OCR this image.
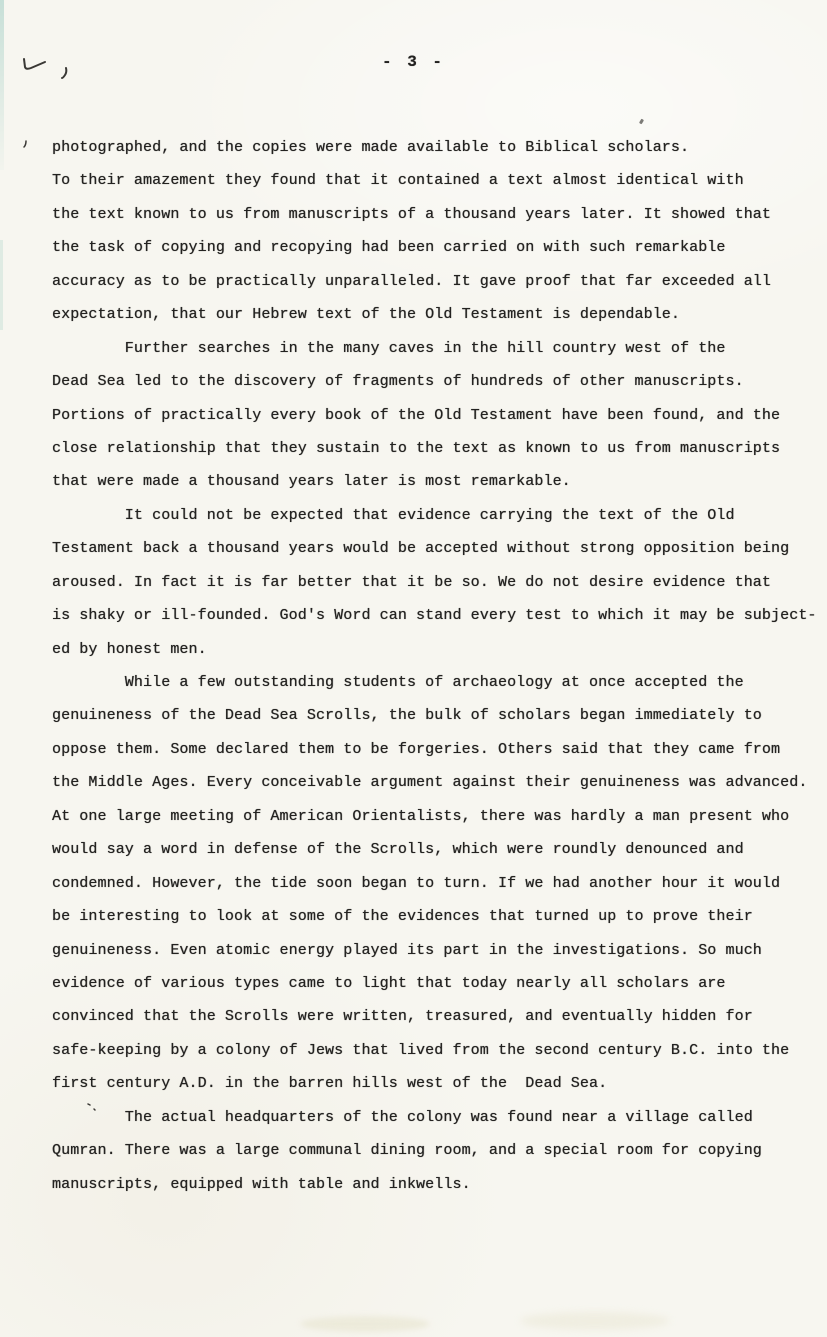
- 3 -
photographed, and the copies were made available to Biblical scholars.
To their amazement they found that it contained a text almost identical with
the text known to us from manuscripts of a thousand years later. It showed that
the task of copying and recopying had been carried on with such remarkable
accuracy as to be practically unparalleled. It gave proof that far exceeded all
expectation, that our Hebrew text of the Old Testament is dependable.
Further searches in the many caves in the hill country west of the
Dead Sea led to the discovery of fragments of hundreds of other manuscripts.
Portions of practically every book of the Old Testament have been found, and the
close relationship that they sustain to the text as known to us from manuscripts
that were made a thousand years later is most remarkable.
It could not be expected that evidence carrying the text of the Old
Testament back a thousand years would be accepted without strong opposition being
aroused. In fact it is far better that it be so. We do not desire evidence that
is shaky or ill-founded. God's Word can stand every test to which it may be subject-
ed by honest men.
While a few outstanding students of archaeology at once accepted the
genuineness of the Dead Sea Scrolls, the bulk of scholars began immediately to
oppose them. Some declared them to be forgeries. Others said that they came from
the Middle Ages. Every conceivable argument against their genuineness was advanced.
At one large meeting of American Orientalists, there was hardly a man present who
would say a word in defense of the Scrolls, which were roundly denounced and
condemned. However, the tide soon began to turn. If we had another hour it would
be interesting to look at some of the evidences that turned up to prove their
genuineness. Even atomic energy played its part in the investigations. So much
evidence of various types came to light that today nearly all scholars are
convinced that the Scrolls were written, treasured, and eventually hidden for
safe-keeping by a colony of Jews that lived from the second century B.C. into the
first century A.D. in the barren hills west of the  Dead Sea.
The actual headquarters of the colony was found near a village called
Qumran. There was a large communal dining room, and a special room for copying
manuscripts, equipped with table and inkwells.
